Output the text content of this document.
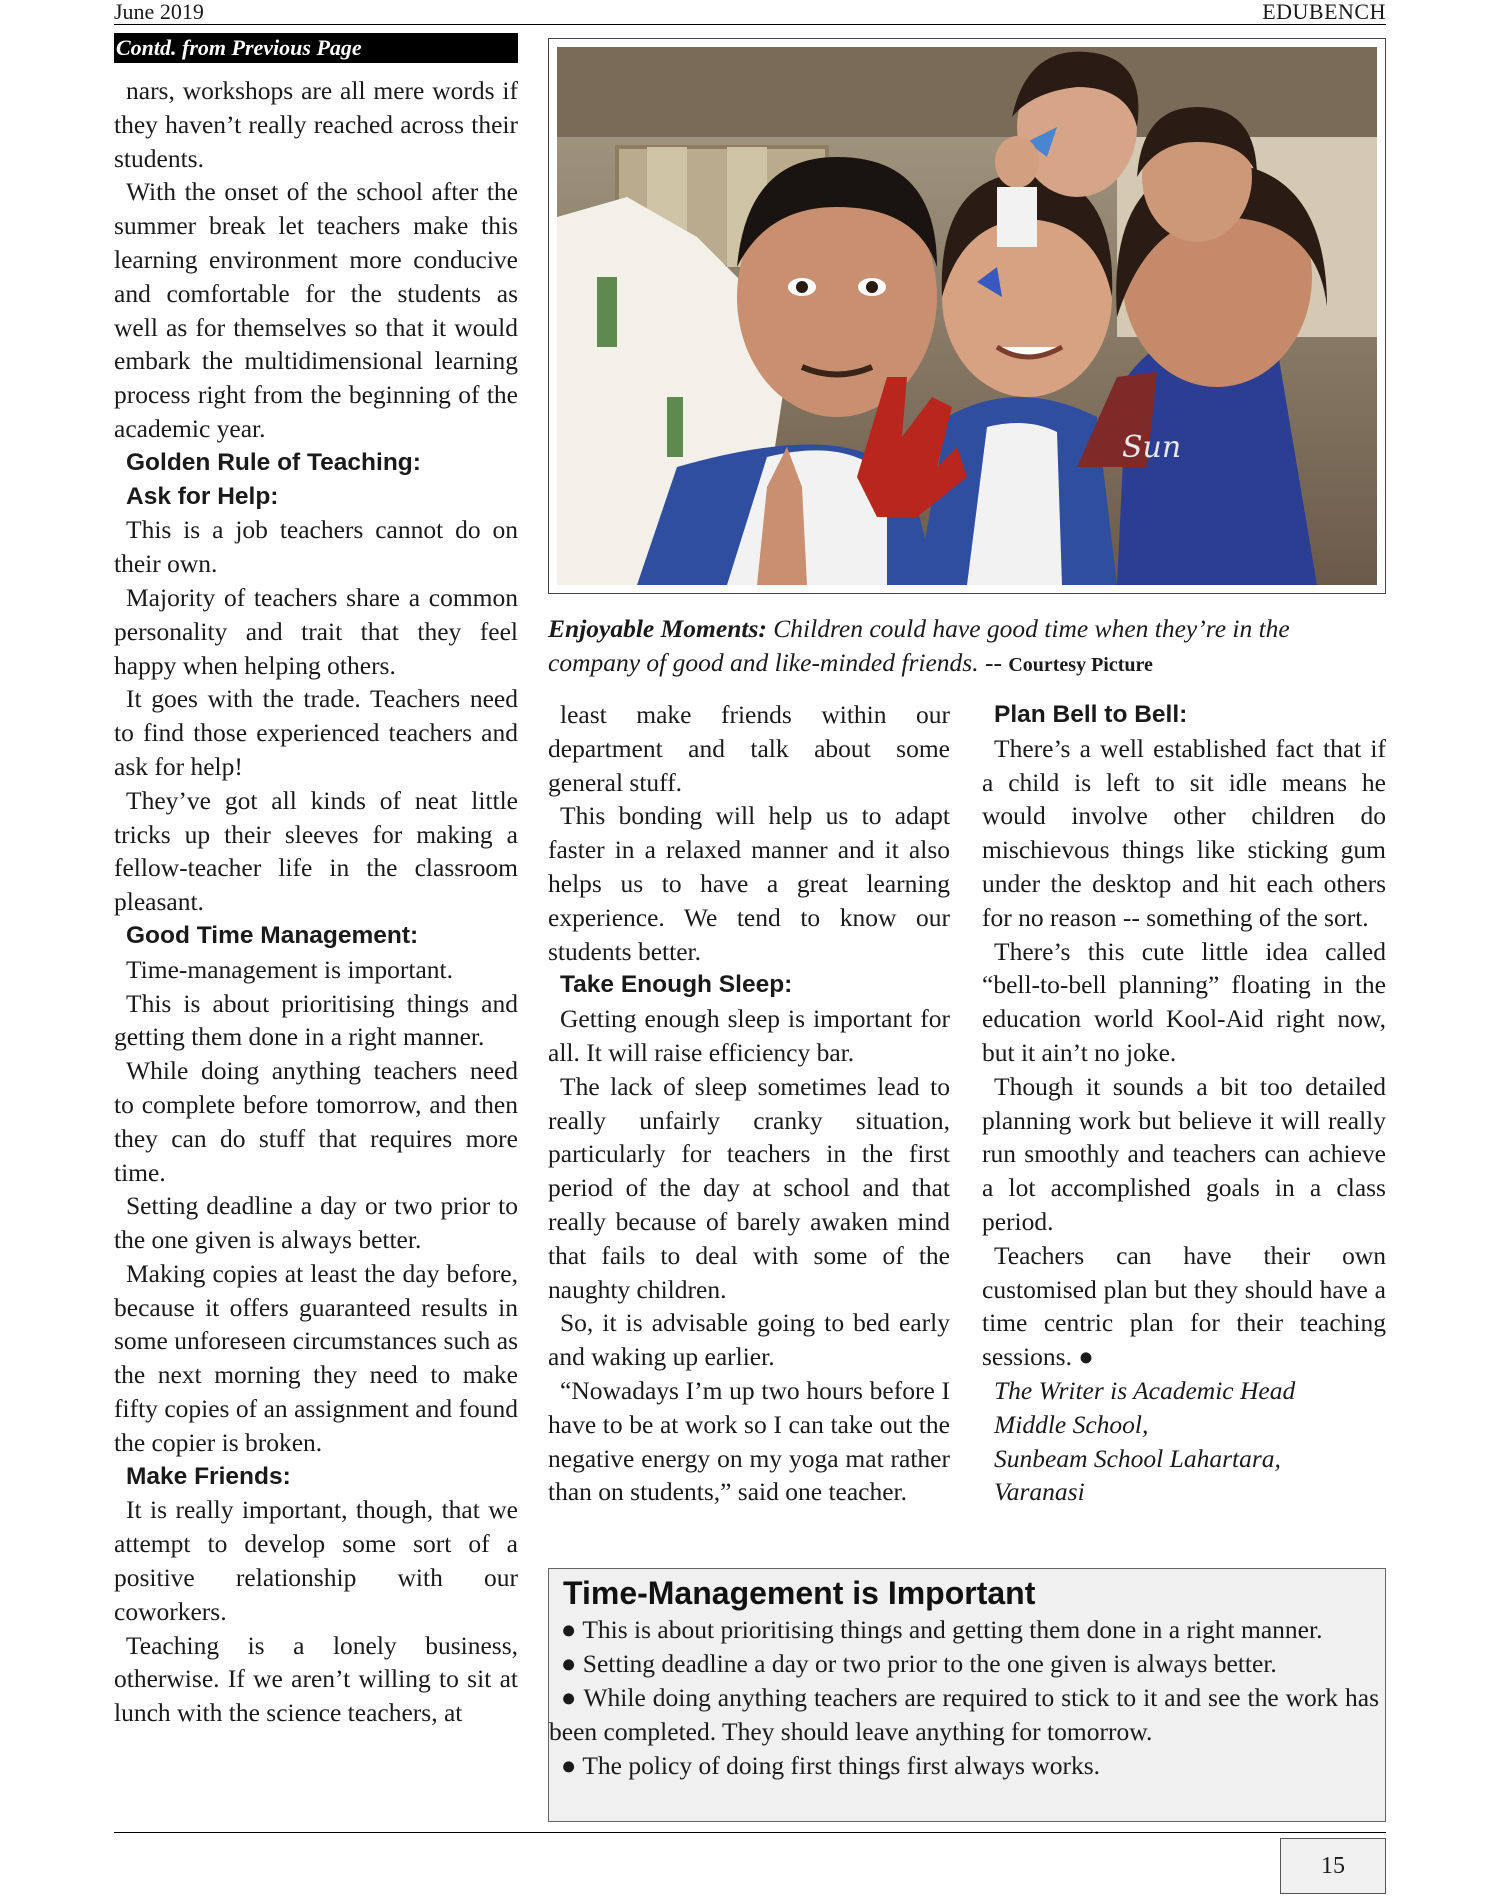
June 2019	EDUBENCH
Contd. from Previous Page

nars, workshops are all mere words if they haven’t really reached across their students.

With the onset of the school after the summer break let teachers make this learning environment more conducive and comfortable for the students as well as for themselves so that it would embark the multidimensional learning process right from the beginning of the academic year.

Golden Rule of Teaching:
Ask for Help:

This is a job teachers cannot do on their own.

Majority of teachers share a common personality and trait that they feel happy when helping others.

It goes with the trade. Teachers need to find those experienced teachers and ask for help!

They’ve got all kinds of neat little tricks up their sleeves for making a fellow-teacher life in the classroom pleasant.

Good Time Management:

Time-management is important.

This is about prioritising things and getting them done in a right manner.

While doing anything teachers need to complete before tomorrow, and then they can do stuff that requires more time.

Setting deadline a day or two prior to the one given is always better.

Making copies at least the day before, because it offers guaranteed results in some unforeseen circumstances such as the next morning they need to make fifty copies of an assignment and found the copier is broken.

Make Friends:

It is really important, though, that we attempt to develop some sort of a positive relationship with our coworkers.

Teaching is a lonely business, otherwise. If we aren’t willing to sit at lunch with the science teachers, at

Sun
Enjoyable Moments: Children could have good time when they’re in the company of good and like-minded friends. -- Courtesy Picture

least make friends within our department and talk about some general stuff.

This bonding will help us to adapt faster in a relaxed manner and it also helps us to have a great learning experience. We tend to know our students better.

Take Enough Sleep:

Getting enough sleep is important for all. It will raise efficiency bar.

The lack of sleep sometimes lead to really unfairly cranky situation, particularly for teachers in the first period of the day at school and that really because of barely awaken mind that fails to deal with some of the naughty children.

So, it is advisable going to bed early and waking up earlier.

“Nowadays I’m up two hours before I have to be at work so I can take out the negative energy on my yoga mat rather than on students,” said one teacher.

Plan Bell to Bell:

There’s a well established fact that if a child is left to sit idle means he would involve other children do mischievous things like sticking gum under the desktop and hit each others for no reason -- something of the sort.

There’s this cute little idea called “bell-to-bell planning” floating in the education world Kool-Aid right now, but it ain’t no joke.

Though it sounds a bit too detailed planning work but believe it will really run smoothly and teachers can achieve a lot accomplished goals in a class period.

Teachers can have their own customised plan but they should have a time centric plan for their teaching sessions. ●

The Writer is Academic Head

Middle School,

Sunbeam School Lahartara,

Varanasi

Time-Management is Important
● This is about prioritising things and getting them done in a right manner.
● Setting deadline a day or two prior to the one given is always better.
● While doing anything teachers are required to stick to it and see the work has been completed. They should leave anything for tomorrow.
● The policy of doing first things first always works.
15
